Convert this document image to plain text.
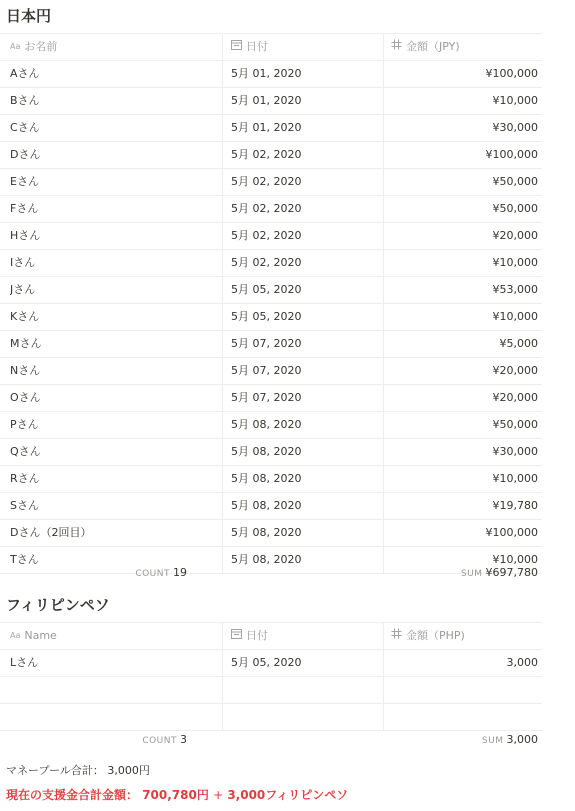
日本円
Aa お名前	日付	金額（JPY)
Aさん	5月 01, 2020	¥100,000
Bさん	5月 01, 2020	¥10,000
Cさん	5月 01, 2020	¥30,000
Dさん	5月 02, 2020	¥100,000
Eさん	5月 02, 2020	¥50,000
Fさん	5月 02, 2020	¥50,000
Hさん	5月 02, 2020	¥20,000
Iさん	5月 02, 2020	¥10,000
Jさん	5月 05, 2020	¥53,000
Kさん	5月 05, 2020	¥10,000
Mさん	5月 07, 2020	¥5,000
Nさん	5月 07, 2020	¥20,000
Oさん	5月 07, 2020	¥20,000
Pさん	5月 08, 2020	¥50,000
Qさん	5月 08, 2020	¥30,000
Rさん	5月 08, 2020	¥10,000
Sさん	5月 08, 2020	¥19,780
Dさん（2回目）	5月 08, 2020	¥100,000
Tさん	5月 08, 2020	¥10,000
COUNT 19	SUM ¥697,780
フィリピンペソ
Aa Name	日付	金額（PHP)
Lさん	5月 05, 2020	3,000
COUNT 3	SUM 3,000
マネープール合計： 3,000円
現在の支援金合計金額： 700,780円 + 3,000フィリピンペソ
